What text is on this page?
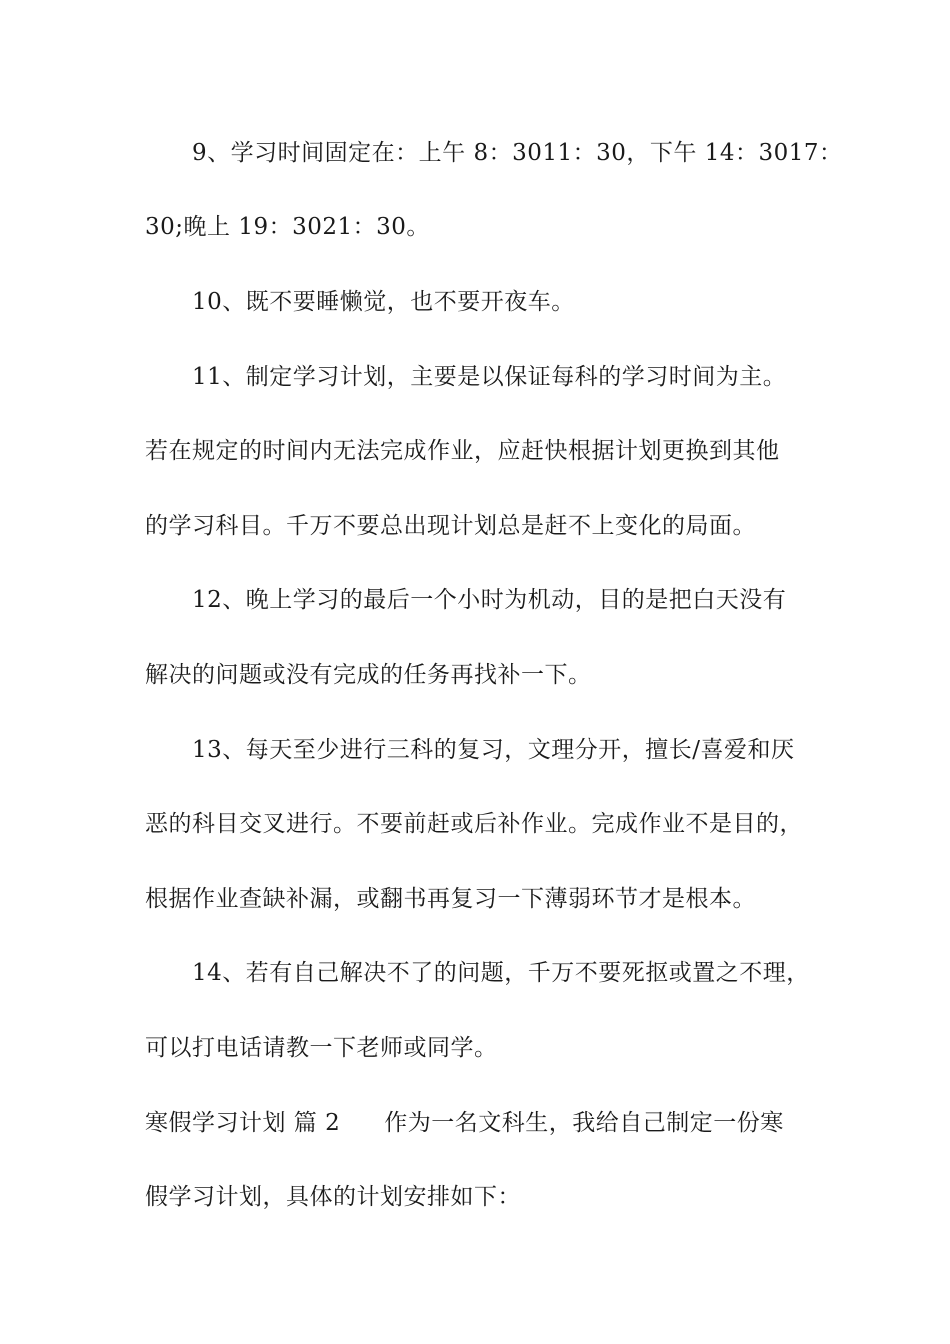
9、学习时间固定在：上午 8：3011：30，下午 14：3017：
30;晚上 19：3021：30。
10、既不要睡懒觉，也不要开夜车。
11、制定学习计划，主要是以保证每科的学习时间为主。
若在规定的时间内无法完成作业，应赶快根据计划更换到其他
的学习科目。千万不要总出现计划总是赶不上变化的局面。
12、晚上学习的最后一个小时为机动，目的是把白天没有
解决的问题或没有完成的任务再找补一下。
13、每天至少进行三科的复习，文理分开，擅长/喜爱和厌
恶的科目交叉进行。不要前赶或后补作业。完成作业不是目的，
根据作业查缺补漏，或翻书再复习一下薄弱环节才是根本。
14、若有自己解决不了的问题，千万不要死抠或置之不理，
可以打电话请教一下老师或同学。
寒假学习计划 篇 2 作为一名文科生，我给自己制定一份寒
假学习计划，具体的计划安排如下：
